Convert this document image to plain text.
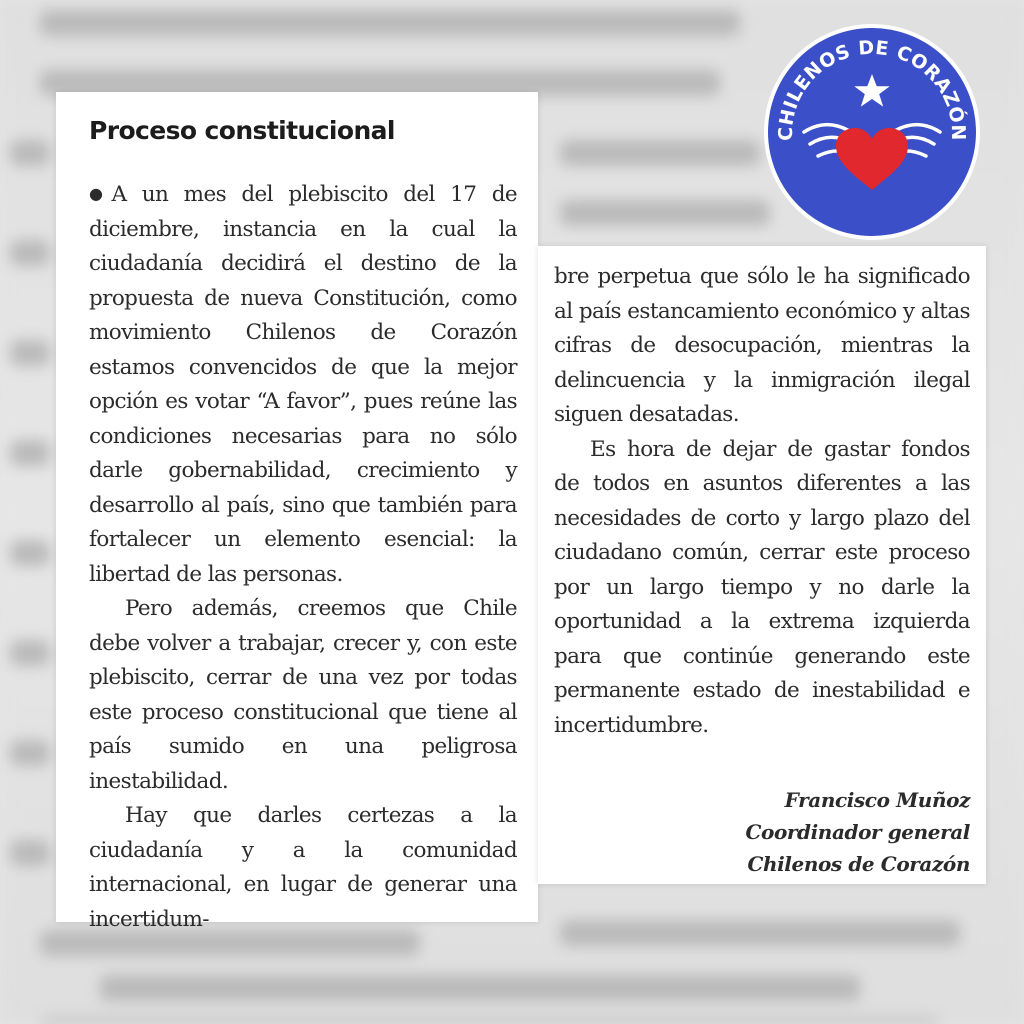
Proceso constitucional

●A un mes del plebiscito del 17 de diciembre, instancia en la cual la ciudadanía decidirá el destino de la propuesta de nueva Constitución, como movimiento Chilenos de Corazón estamos convencidos de que la mejor opción es votar “A favor”, pues reúne las condiciones necesarias para no sólo darle gobernabilidad, crecimiento y desarrollo al país, sino que también para fortalecer un elemento esencial: la libertad de las personas.

Pero además, creemos que Chile debe volver a trabajar, crecer y, con este plebiscito, cerrar de una vez por todas este proceso constitucional que tiene al país sumido en una peligrosa inestabilidad.

Hay que darles certezas a la ciudadanía y a la comunidad internacional, en lugar de generar una incertidum-

bre perpetua que sólo le ha significado al país estancamiento económico y altas cifras de desocupación, mientras la delincuencia y la inmigración ilegal siguen desatadas.

Es hora de dejar de gastar fondos de todos en asuntos diferentes a las necesidades de corto y largo plazo del ciudadano común, cerrar este proceso por un largo tiempo y no darle la oportunidad a la extrema izquierda para que continúe generando este permanente estado de inestabilidad e incertidumbre.

Francisco Muñoz
Coordinador general
Chilenos de Corazón
CHILENOS DE CORAZÓN
